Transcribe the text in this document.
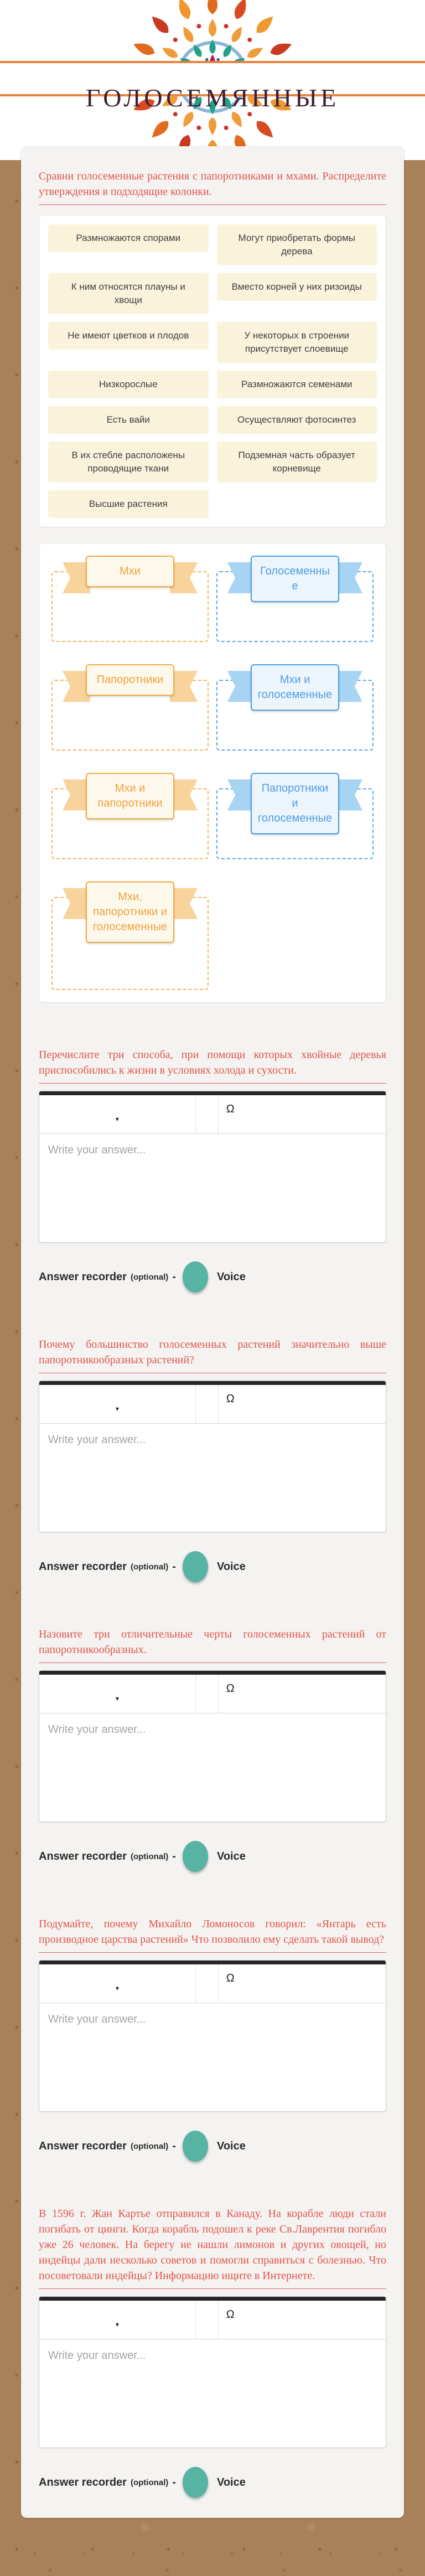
ГОЛОСЕМЯННЫЕ
Сравни голосеменные растения с папоротниками и мхами. Распределите утверждения в подходящие колонки.
Размножаются спорами	Могут приобретать формы дерева
К ним относятся плауны и хвощи
Вместо корней у них ризоиды
Не имеют цветков и плодов	У некоторых в строении присутствует слоевище
Низкорослые	Размножаются семенами
Есть вайи	Осуществляют фотосинтез
В их стебле расположены проводящие ткани
Подземная часть образует корневище
Высшие растения
Мхи	Голосеменные
Папоротники	Мхи и голосеменные
Мхи и папоротники
Папоротники и голосеменные
Мхи, папоротники и голосеменные
Перечислите три способа, при помощи которых хвойные деревья приспособились к жизни в условиях холода и сухости.
▾
Ω
Write your answer...
Answer recorder (optional) -	Voice
Почему большинство голосеменных растений значительно выше папоротникообразных растений?
▾
Ω
Write your answer...
Answer recorder (optional) -	Voice
Назовите три отличительные черты голосеменных растений от папоротникообразных.
▾
Ω
Write your answer...
Answer recorder (optional) -	Voice
Подумайте, почему Михайло Ломоносов говорил: «Янтарь есть производное царства растений» Что позволило ему сделать такой вывод?
▾
Ω
Write your answer...
Answer recorder (optional) -	Voice
В 1596 г. Жан Картье отправился в Канаду. На корабле люди стали погибать от цинги. Когда корабль подошел к реке Св.Лаврентия погибло уже 26 человек. На берегу не нашли лимонов и других овощей, но индейцы дали несколько советов и помогли справиться с болезнью. Что посоветовали индейцы? Информацию ищите в Интернете.
▾
Ω
Write your answer...
Answer recorder (optional) -	Voice
